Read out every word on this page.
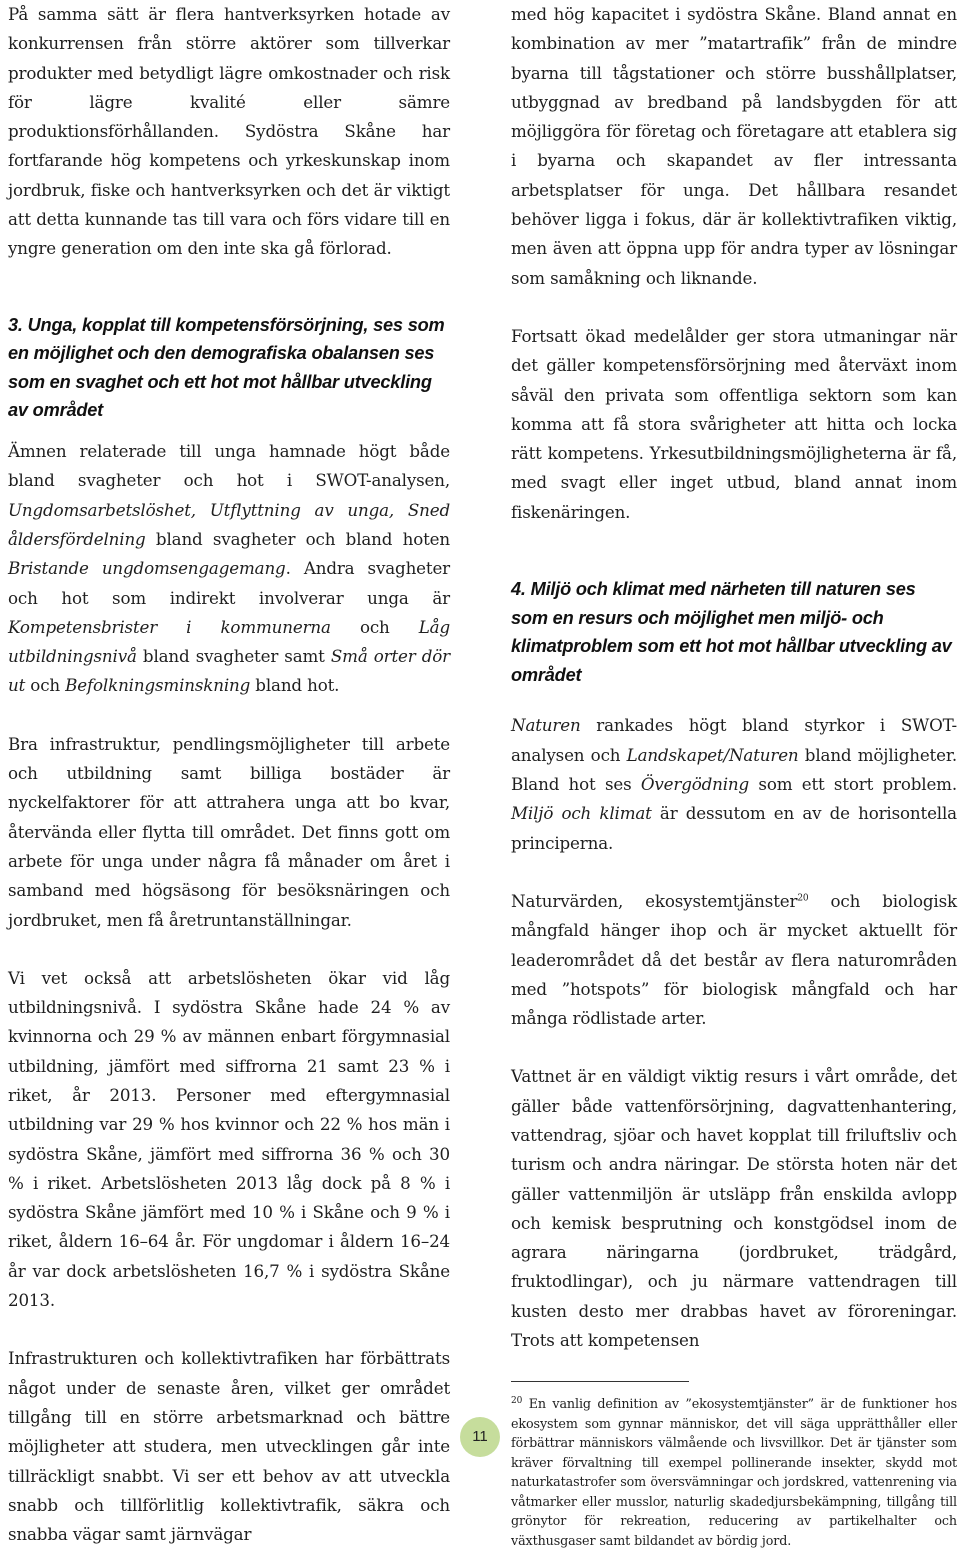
På samma sätt är flera hantverksyrken hotade av konkurrensen från större aktörer som tillverkar produkter med betydligt lägre omkostnader och risk för lägre kvalité eller sämre produktionsförhållanden. Sydöstra Skåne har fortfarande hög kompetens och yrkeskunskap inom jordbruk, fiske och hantverksyrken och det är viktigt att detta kunnande tas till vara och förs vidare till en yngre generation om den inte ska gå förlorad.

3. Unga, kopplat till kompetensförsörjning, ses som en möjlighet och den demografiska obalansen ses som en svaghet och ett hot mot hållbar utveckling av området

Ämnen relaterade till unga hamnade högt både bland svagheter och hot i SWOT-analysen, Ungdomsarbetslöshet, Utflyttning av unga, Sned åldersfördelning bland svagheter och bland hoten Bristande ungdomsengagemang. Andra svagheter och hot som indirekt involverar unga är Kompetensbrister i kommunerna och Låg utbildningsnivå bland svagheter samt Små orter dör ut och Befolkningsminskning bland hot.

Bra infrastruktur, pendlingsmöjligheter till arbete och utbildning samt billiga bostäder är nyckelfaktorer för att attrahera unga att bo kvar, återvända eller flytta till området. Det finns gott om arbete för unga under några få månader om året i samband med högsäsong för besöksnäringen och jordbruket, men få åretruntanställningar.

Vi vet också att arbetslösheten ökar vid låg utbildningsnivå. I sydöstra Skåne hade 24 % av kvinnorna och 29 % av männen enbart förgymnasial utbildning, jämfört med siffrorna 21 samt 23 % i riket, år 2013. Personer med eftergymnasial utbildning var 29 % hos kvinnor och 22 % hos män i sydöstra Skåne, jämfört med siffrorna 36 % och 30 % i riket. Arbetslösheten 2013 låg dock på 8 % i sydöstra Skåne jämfört med 10 % i Skåne och 9 % i riket, åldern 16–64 år. För ungdomar i åldern 16–24 år var dock arbetslösheten 16,7 % i sydöstra Skåne 2013.

Infrastrukturen och kollektivtrafiken har förbättrats något under de senaste åren, vilket ger området tillgång till en större arbetsmarknad och bättre möjligheter att studera, men utvecklingen går inte tillräckligt snabbt. Vi ser ett behov av att utveckla snabb och tillförlitlig kollektivtrafik, säkra och snabba vägar samt järnvägar

med hög kapacitet i sydöstra Skåne. Bland annat en kombination av mer ”matartrafik” från de mindre byarna till tågstationer och större busshållplatser, utbyggnad av bredband på landsbygden för att möjliggöra för företag och företagare att etablera sig i byarna och skapandet av fler intressanta arbetsplatser för unga. Det hållbara resandet behöver ligga i fokus, där är kollektivtrafiken viktig, men även att öppna upp för andra typer av lösningar som samåkning och liknande.

Fortsatt ökad medelålder ger stora utmaningar när det gäller kompetensförsörjning med återväxt inom såväl den privata som offentliga sektorn som kan komma att få stora svårigheter att hitta och locka rätt kompetens. Yrkesutbildningsmöjligheterna är få, med svagt eller inget utbud, bland annat inom fiskenäringen.

4. Miljö och klimat med närheten till naturen ses som en resurs och möjlighet men miljö- och klimatproblem som ett hot mot hållbar utveckling av området

Naturen rankades högt bland styrkor i SWOT-analysen och Landskapet/Naturen bland möjligheter. Bland hot ses Övergödning som ett stort problem. Miljö och klimat är dessutom en av de horisontella principerna.

Naturvärden, ekosystemtjänster$^{20}$ och biologisk mångfald hänger ihop och är mycket aktuellt för leaderområdet då det består av flera naturområden med ”hotspots” för biologisk mångfald och har många rödlistade arter.

Vattnet är en väldigt viktig resurs i vårt område, det gäller både vattenförsörjning, dagvattenhantering, vattendrag, sjöar och havet kopplat till friluftsliv och turism och andra näringar. De största hoten när det gäller vattenmiljön är utsläpp från enskilda avlopp och kemisk besprutning och konstgödsel inom de agrara näringarna (jordbruket, trädgård, fruktodlingar), och ju närmare vattendragen till kusten desto mer drabbas havet av föroreningar. Trots att kompetensen

$^{20}$ En vanlig definition av ”ekosystemtjänster” är de funktioner hos ekosystem som gynnar människor, det vill säga upprätthåller eller förbättrar människors välmående och livsvillkor. Det är tjänster som kräver förvaltning till exempel pollinerande insekter, skydd mot naturkatastrofer som översvämningar och jordskred, vattenrening via våtmarker eller musslor, naturlig skadedjursbekämpning, tillgång till grönytor för rekreation, reducering av partikelhalter och växthusgaser samt bildandet av bördig jord.

11
